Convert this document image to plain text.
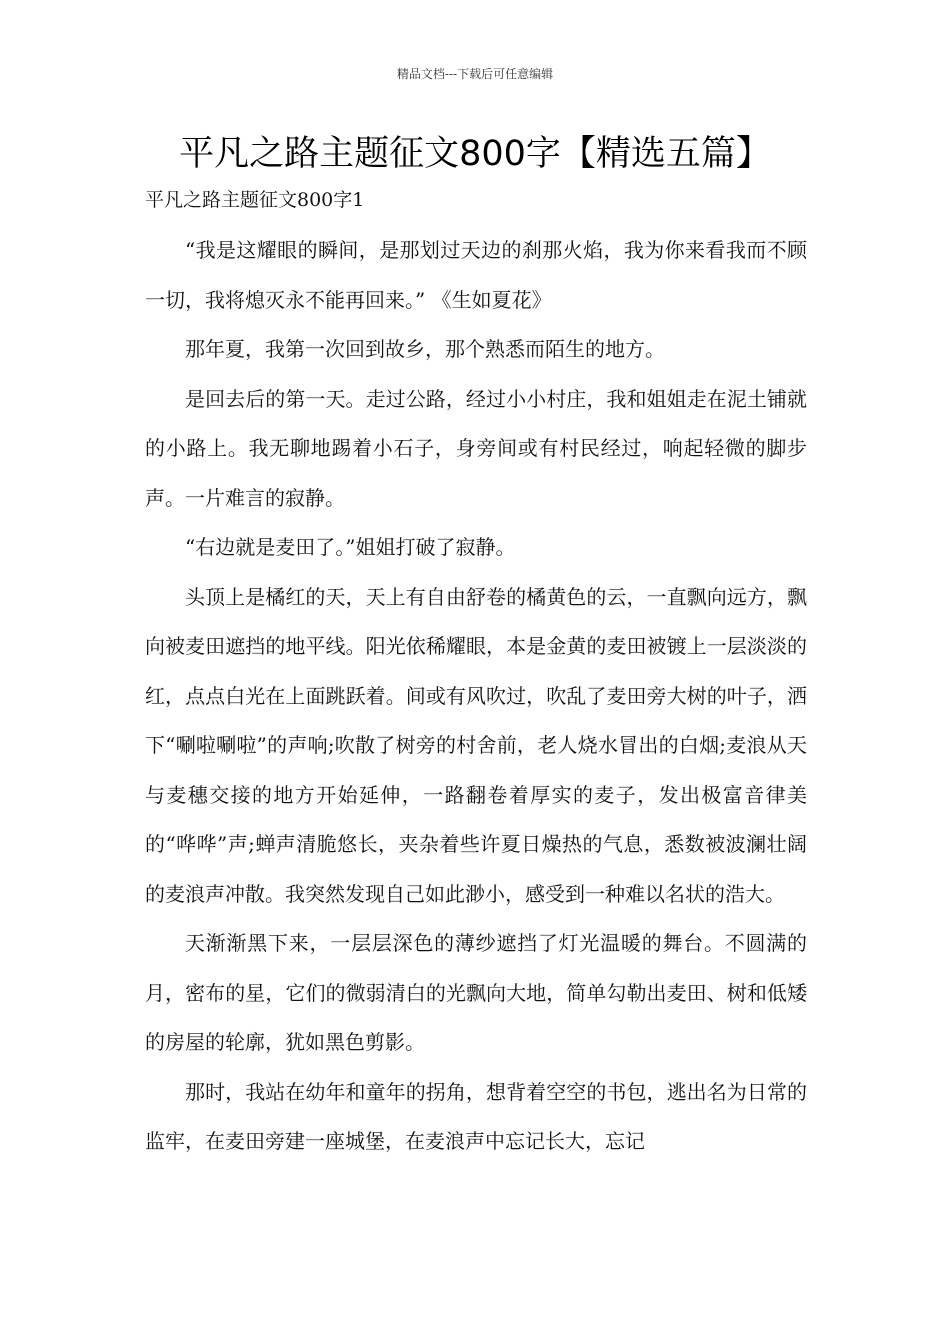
精品文档---下载后可任意编辑
平凡之路主题征文800字【精选五篇】

平凡之路主题征文800字1

“我是这耀眼的瞬间，是那划过天边的刹那火焰，我为你来看我而不顾一切，我将熄灭永不能再回来。” 《生如夏花》

那年夏，我第一次回到故乡，那个熟悉而陌生的地方。

是回去后的第一天。走过公路，经过小小村庄，我和姐姐走在泥土铺就的小路上。我无聊地踢着小石子，身旁间或有村民经过，响起轻微的脚步声。一片难言的寂静。

“右边就是麦田了。”姐姐打破了寂静。

头顶上是橘红的天，天上有自由舒卷的橘黄色的云，一直飘向远方，飘向被麦田遮挡的地平线。阳光依稀耀眼，本是金黄的麦田被镀上一层淡淡的红，点点白光在上面跳跃着。间或有风吹过，吹乱了麦田旁大树的叶子，洒下“唰啦唰啦”的声响;吹散了树旁的村舍前，老人烧水冒出的白烟;麦浪从天与麦穗交接的地方开始延伸，一路翻卷着厚实的麦子，发出极富音律美的“哗哗”声;蝉声清脆悠长，夹杂着些许夏日燥热的气息，悉数被波澜壮阔的麦浪声冲散。我突然发现自己如此渺小，感受到一种难以名状的浩大。

天渐渐黑下来，一层层深色的薄纱遮挡了灯光温暖的舞台。不圆满的月，密布的星，它们的微弱清白的光飘向大地，简单勾勒出麦田、树和低矮的房屋的轮廓，犹如黑色剪影。

那时，我站在幼年和童年的拐角，想背着空空的书包，逃出名为日常的监牢，在麦田旁建一座城堡，在麦浪声中忘记长大，忘记
